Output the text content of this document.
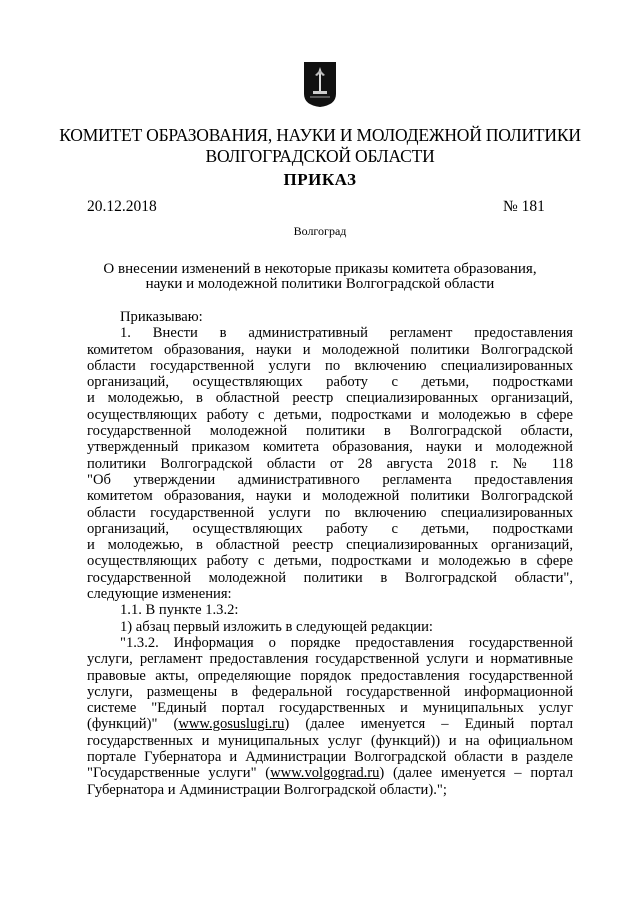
КОМИТЕТ ОБРАЗОВАНИЯ, НАУКИ И МОЛОДЕЖНОЙ ПОЛИТИКИ
ВОЛГОГРАДСКОЙ ОБЛАСТИ
ПРИКАЗ
20.12.2018	№ 181
Волгоград
О внесении изменений в некоторые приказы комитета образования,
науки и молодежной политики Волгоградской области
Приказываю:
1. Внести в административный регламент предоставления
комитетом образования, науки и молодежной политики Волгоградской
области государственной услуги по включению специализированных
организаций, осуществляющих работу с детьми, подростками
и молодежью, в областной реестр специализированных организаций,
осуществляющих работу с детьми, подростками и молодежью в сфере
государственной молодежной политики в Волгоградской области,
утвержденный приказом комитета образования, науки и молодежной
политики Волгоградской области от 28 августа 2018 г. № 118
"Об утверждении административного регламента предоставления
комитетом образования, науки и молодежной политики Волгоградской
области государственной услуги по включению специализированных
организаций, осуществляющих работу с детьми, подростками
и молодежью, в областной реестр специализированных организаций,
осуществляющих работу с детьми, подростками и молодежью в сфере
государственной молодежной политики в Волгоградской области",
следующие изменения:
1.1. В пункте 1.3.2:
1) абзац первый изложить в следующей редакции:
"1.3.2. Информация о порядке предоставления государственной
услуги, регламент предоставления государственной услуги и нормативные
правовые акты, определяющие порядок предоставления государственной
услуги, размещены в федеральной государственной информационной
системе "Единый портал государственных и муниципальных услуг
(функций)" (www.gosuslugi.ru) (далее именуется – Единый портал
государственных и муниципальных услуг (функций)) и на официальном
портале Губернатора и Администрации Волгоградской области в разделе
"Государственные услуги" (www.volgograd.ru) (далее именуется – портал
Губернатора и Администрации Волгоградской области).";
